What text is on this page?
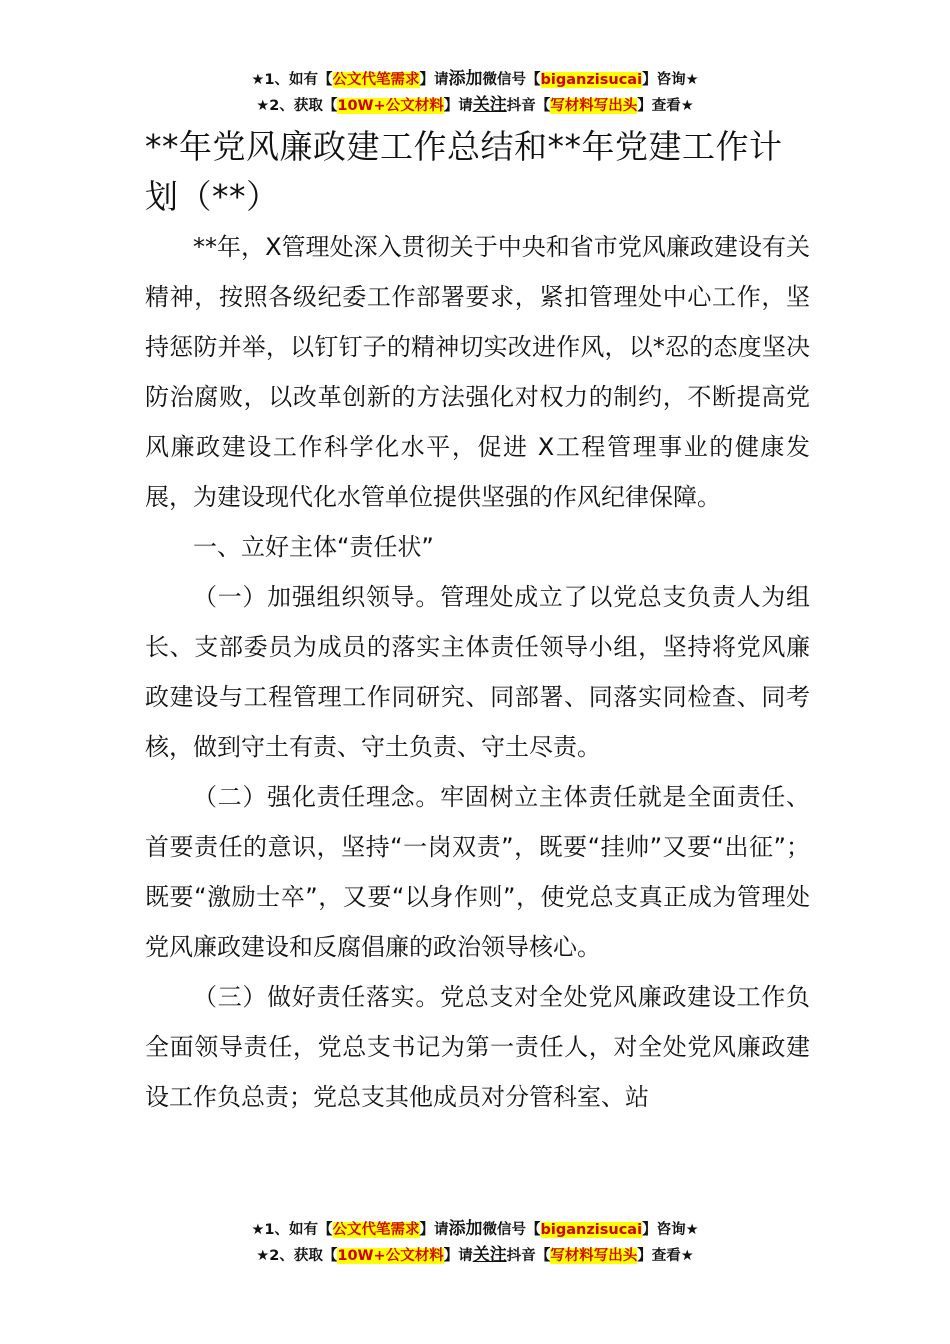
★1、如有【公文代笔需求】请添加微信号【biganzisucai】咨询★
★2、获取【10W+公文材料】请关注抖音【写材料写出头】查看★
**年党风廉政建工作总结和**年党建工作计划（**）

**年，X管理处深入贯彻关于中央和省市党风廉政建设有关精神，按照各级纪委工作部署要求，紧扣管理处中心工作，坚持惩防并举，以钉钉子的精神切实改进作风，以*忍的态度坚决防治腐败，以改革创新的方法强化对权力的制约，不断提高党风廉政建设工作科学化水平，促进 X工程管理事业的健康发展，为建设现代化水管单位提供坚强的作风纪律保障。

一、立好主体“责任状”

（一）加强组织领导。管理处成立了以党总支负责人为组长、支部委员为成员的落实主体责任领导小组，坚持将党风廉政建设与工程管理工作同研究、同部署、同落实同检查、同考核，做到守土有责、守土负责、守土尽责。

（二）强化责任理念。牢固树立主体责任就是全面责任、首要责任的意识，坚持“一岗双责”，既要“挂帅”又要“出征”；既要“激励士卒”，又要“以身作则”，使党总支真正成为管理处党风廉政建设和反腐倡廉的政治领导核心。

（三）做好责任落实。党总支对全处党风廉政建设工作负全面领导责任，党总支书记为第一责任人，对全处党风廉政建设工作负总责；党总支其他成员对分管科室、站

★1、如有【公文代笔需求】请添加微信号【biganzisucai】咨询★
★2、获取【10W+公文材料】请关注抖音【写材料写出头】查看★
